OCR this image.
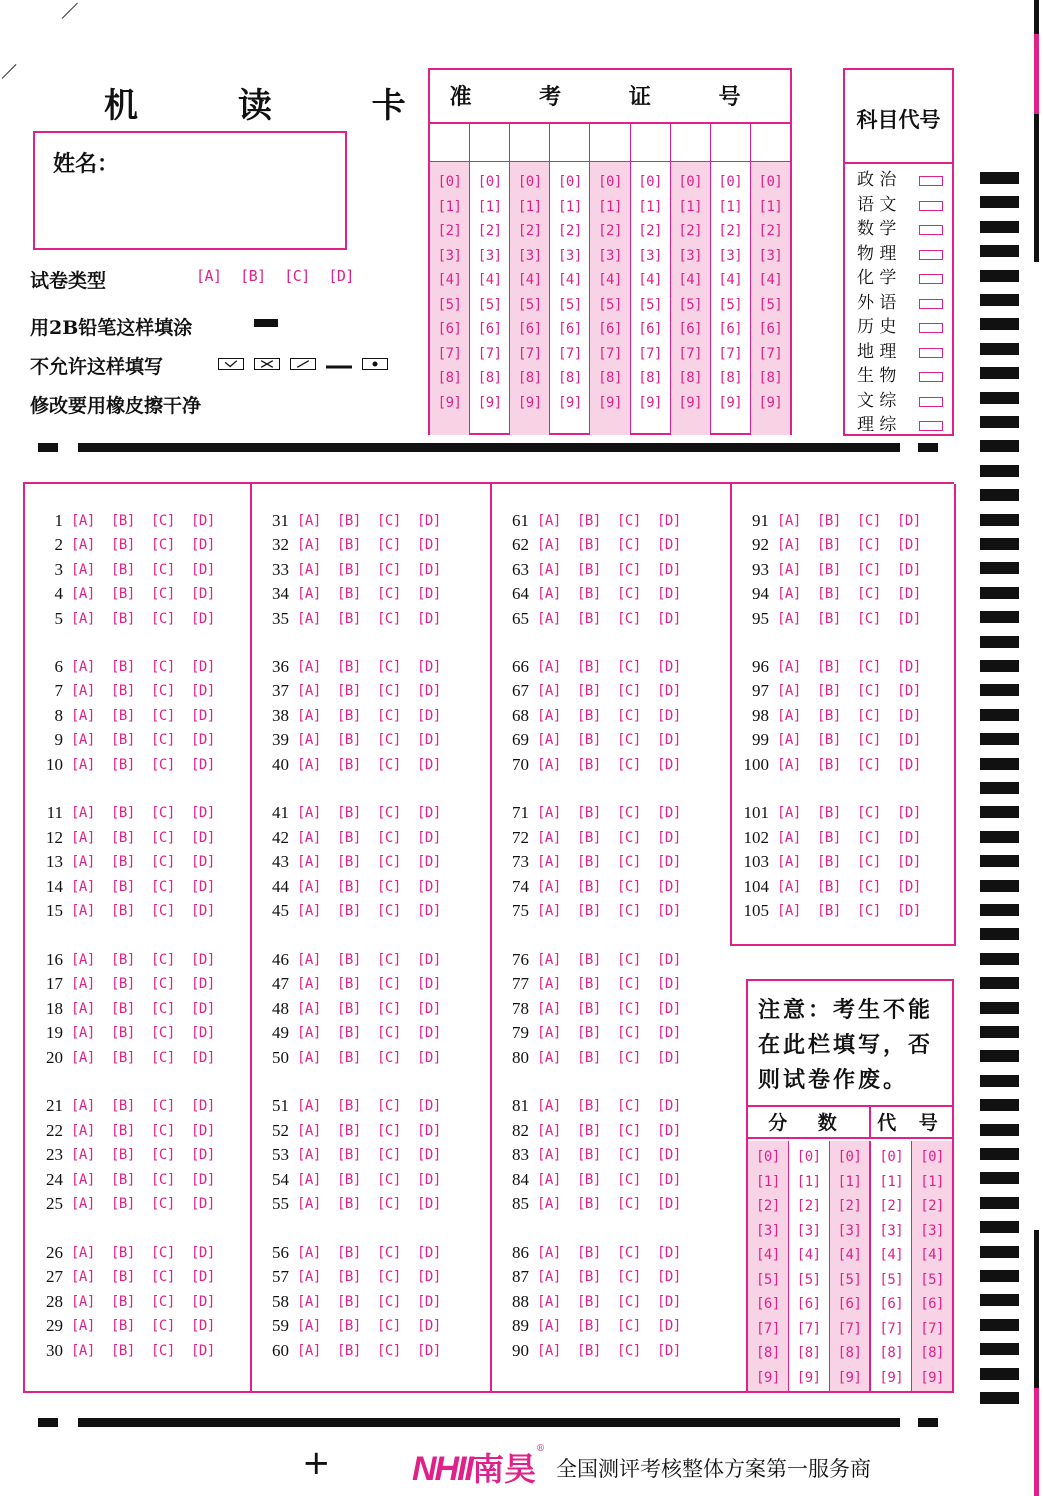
机 读 卡
姓名：
试卷类型	[A] [B] [C] [D]
用2B铅笔这样填涂
不允许这样填写
修改要用橡皮擦干净
准 考 证 号
[0]
[1]
[2]
[3]
[4]
[5]
[6]
[7]
[8]
[9]
[0]
[1]
[2]
[3]
[4]
[5]
[6]
[7]
[8]
[9]
[0]
[1]
[2]
[3]
[4]
[5]
[6]
[7]
[8]
[9]
[0]
[1]
[2]
[3]
[4]
[5]
[6]
[7]
[8]
[9]
[0]
[1]
[2]
[3]
[4]
[5]
[6]
[7]
[8]
[9]
[0]
[1]
[2]
[3]
[4]
[5]
[6]
[7]
[8]
[9]
[0]
[1]
[2]
[3]
[4]
[5]
[6]
[7]
[8]
[9]
[0]
[1]
[2]
[3]
[4]
[5]
[6]
[7]
[8]
[9]
[0]
[1]
[2]
[3]
[4]
[5]
[6]
[7]
[8]
[9]
科目代号
政 治
语 文
数 学
物 理
化 学
外 语
历 史
地 理
生 物
文 综
理 综
1 [A] [B] [C] [D]
2 [A] [B] [C] [D]
3 [A] [B] [C] [D]
4 [A] [B] [C] [D]
5 [A] [B] [C] [D]
6 [A] [B] [C] [D]
7 [A] [B] [C] [D]
8 [A] [B] [C] [D]
9 [A] [B] [C] [D]
10 [A] [B] [C] [D]
11 [A] [B] [C] [D]
12 [A] [B] [C] [D]
13 [A] [B] [C] [D]
14 [A] [B] [C] [D]
15 [A] [B] [C] [D]
16 [A] [B] [C] [D]
17 [A] [B] [C] [D]
18 [A] [B] [C] [D]
19 [A] [B] [C] [D]
20 [A] [B] [C] [D]
21 [A] [B] [C] [D]
22 [A] [B] [C] [D]
23 [A] [B] [C] [D]
24 [A] [B] [C] [D]
25 [A] [B] [C] [D]
26 [A] [B] [C] [D]
27 [A] [B] [C] [D]
28 [A] [B] [C] [D]
29 [A] [B] [C] [D]
30 [A] [B] [C] [D]
31 [A] [B] [C] [D]
32 [A] [B] [C] [D]
33 [A] [B] [C] [D]
34 [A] [B] [C] [D]
35 [A] [B] [C] [D]
36 [A] [B] [C] [D]
37 [A] [B] [C] [D]
38 [A] [B] [C] [D]
39 [A] [B] [C] [D]
40 [A] [B] [C] [D]
41 [A] [B] [C] [D]
42 [A] [B] [C] [D]
43 [A] [B] [C] [D]
44 [A] [B] [C] [D]
45 [A] [B] [C] [D]
46 [A] [B] [C] [D]
47 [A] [B] [C] [D]
48 [A] [B] [C] [D]
49 [A] [B] [C] [D]
50 [A] [B] [C] [D]
51 [A] [B] [C] [D]
52 [A] [B] [C] [D]
53 [A] [B] [C] [D]
54 [A] [B] [C] [D]
55 [A] [B] [C] [D]
56 [A] [B] [C] [D]
57 [A] [B] [C] [D]
58 [A] [B] [C] [D]
59 [A] [B] [C] [D]
60 [A] [B] [C] [D]
61 [A] [B] [C] [D]
62 [A] [B] [C] [D]
63 [A] [B] [C] [D]
64 [A] [B] [C] [D]
65 [A] [B] [C] [D]
66 [A] [B] [C] [D]
67 [A] [B] [C] [D]
68 [A] [B] [C] [D]
69 [A] [B] [C] [D]
70 [A] [B] [C] [D]
71 [A] [B] [C] [D]
72 [A] [B] [C] [D]
73 [A] [B] [C] [D]
74 [A] [B] [C] [D]
75 [A] [B] [C] [D]
76 [A] [B] [C] [D]
77 [A] [B] [C] [D]
78 [A] [B] [C] [D]
79 [A] [B] [C] [D]
80 [A] [B] [C] [D]
81 [A] [B] [C] [D]
82 [A] [B] [C] [D]
83 [A] [B] [C] [D]
84 [A] [B] [C] [D]
85 [A] [B] [C] [D]
86 [A] [B] [C] [D]
87 [A] [B] [C] [D]
88 [A] [B] [C] [D]
89 [A] [B] [C] [D]
90 [A] [B] [C] [D]
91 [A] [B] [C] [D]
92 [A] [B] [C] [D]
93 [A] [B] [C] [D]
94 [A] [B] [C] [D]
95 [A] [B] [C] [D]
96 [A] [B] [C] [D]
97 [A] [B] [C] [D]
98 [A] [B] [C] [D]
99 [A] [B] [C] [D]
100 [A] [B] [C] [D]
101 [A] [B] [C] [D]
102 [A] [B] [C] [D]
103 [A] [B] [C] [D]
104 [A] [B] [C] [D]
105 [A] [B] [C] [D]
注意：考生不能在此栏填写，否则试卷作废。
分 数	代 号
[0]
[1]
[2]
[3]
[4]
[5]
[6]
[7]
[8]
[9]
[0]
[1]
[2]
[3]
[4]
[5]
[6]
[7]
[8]
[9]
[0]
[1]
[2]
[3]
[4]
[5]
[6]
[7]
[8]
[9]
[0]
[1]
[2]
[3]
[4]
[5]
[6]
[7]
[8]
[9]
[0]
[1]
[2]
[3]
[4]
[5]
[6]
[7]
[8]
[9]
+ NHII南昊®
全国测评考核整体方案第一服务商
